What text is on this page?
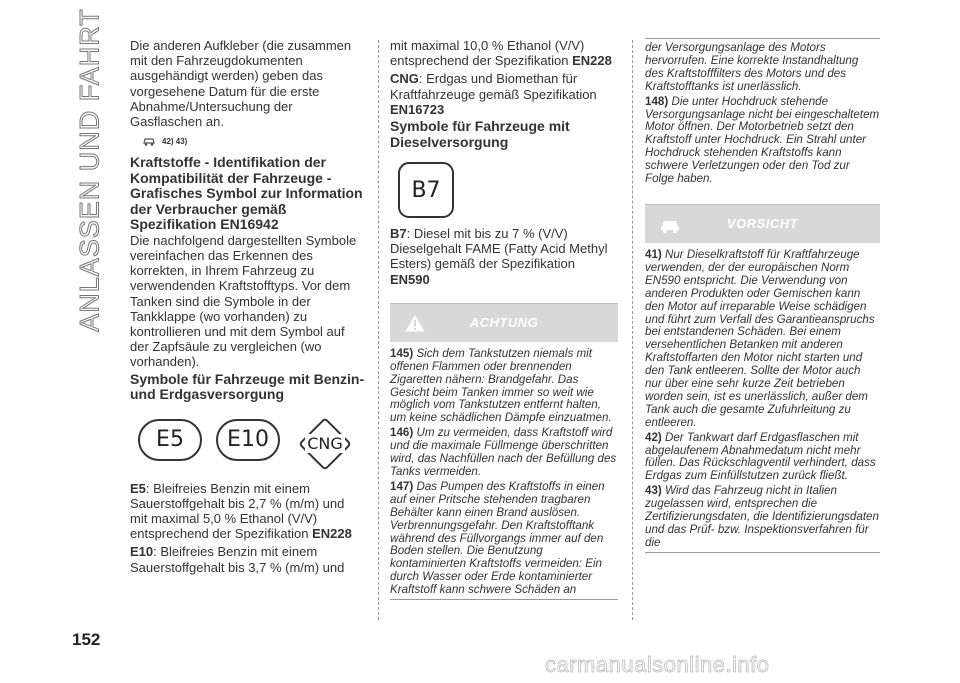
ANLASSEN UND FAHRT Die anderen Aufkleber (die zusammen mit den Fahrzeugdokumenten ausgehändigt werden) geben das vorgesehene Datum für die erste Abnahme/Untersuchung der Gasflaschen an.

42) 43)
Kraftstoffe - Identifikation der Kompatibilität der Fahrzeuge - Grafisches Symbol zur Information der Verbraucher gemäß Spezifikation EN16942

Die nachfolgend dargestellten Symbole vereinfachen das Erkennen des korrekten, in Ihrem Fahrzeug zu verwendenden Kraftstofftyps. Vor dem Tanken sind die Symbole in der Tankklappe (wo vorhanden) zu kontrollieren und mit dem Symbol auf der Zapfsäule zu vergleichen (wo vorhanden).

Symbole für Fahrzeuge mit Benzin- und Erdgasversorgung
E5	E10	CNG

E5: Bleifreies Benzin mit einem Sauerstoffgehalt bis 2,7 % (m/m) und mit maximal 5,0 % Ethanol (V/V) entsprechend der Spezifikation EN228

E10: Bleifreies Benzin mit einem Sauerstoffgehalt bis 3,7 % (m/m) und

mit maximal 10,0 % Ethanol (V/V) entsprechend der Spezifikation EN228

CNG: Erdgas und Biomethan für Kraftfahrzeuge gemäß Spezifikation EN16723

Symbole für Fahrzeuge mit Dieselversorgung
B7

B7: Diesel mit bis zu 7 % (V/V) Dieselgehalt FAME (Fatty Acid Methyl Esters) gemäß der Spezifikation EN590

ACHTUNG

145) Sich dem Tankstutzen niemals mit offenen Flammen oder brennenden Zigaretten nähern: Brandgefahr. Das Gesicht beim Tanken immer so weit wie möglich vom Tankstutzen entfernt halten, um keine schädlichen Dämpfe einzuatmen.

146) Um zu vermeiden, dass Kraftstoff wird und die maximale Füllmenge überschritten wird, das Nachfüllen nach der Befüllung des Tanks vermeiden.

147) Das Pumpen des Kraftstoffs in einen auf einer Pritsche stehenden tragbaren Behälter kann einen Brand auslösen. Verbrennungsgefahr. Den Kraftstofftank während des Füllvorgangs immer auf den Boden stellen. Die Benutzung kontaminierten Kraftstoffs vermeiden: Ein durch Wasser oder Erde kontaminierter Kraftstoff kann schwere Schäden an

der Versorgungsanlage des Motors hervorrufen. Eine korrekte Instandhaltung des Kraftstofffilters des Motors und des Kraftstofftanks ist unerlässlich.

148) Die unter Hochdruck stehende Versorgungsanlage nicht bei eingeschaltetem Motor öffnen. Der Motorbetrieb setzt den Kraftstoff unter Hochdruck. Ein Strahl unter Hochdruck stehenden Kraftstoffs kann schwere Verletzungen oder den Tod zur Folge haben.

VORSICHT

41) Nur Dieselkraftstoff für Kraftfahrzeuge verwenden, der der europäischen Norm EN590 entspricht. Die Verwendung von anderen Produkten oder Gemischen kann den Motor auf irreparable Weise schädigen und führt zum Verfall des Garantieanspruchs bei entstandenen Schäden. Bei einem versehentlichen Betanken mit anderen Kraftstoffarten den Motor nicht starten und den Tank entleeren. Sollte der Motor auch nur über eine sehr kurze Zeit betrieben worden sein, ist es unerlässlich, außer dem Tank auch die gesamte Zufuhrleitung zu entleeren.

42) Der Tankwart darf Erdgasflaschen mit abgelaufenem Abnahmedatum nicht mehr füllen. Das Rückschlagventil verhindert, dass Erdgas zum Einfüllstutzen zurück fließt.

43) Wird das Fahrzeug nicht in Italien zugelassen wird, entsprechen die Zertifizierungsdaten, die Identifizierungsdaten und das Prüf- bzw. Inspektionsverfahren für die

152
carmanualsonline.info
